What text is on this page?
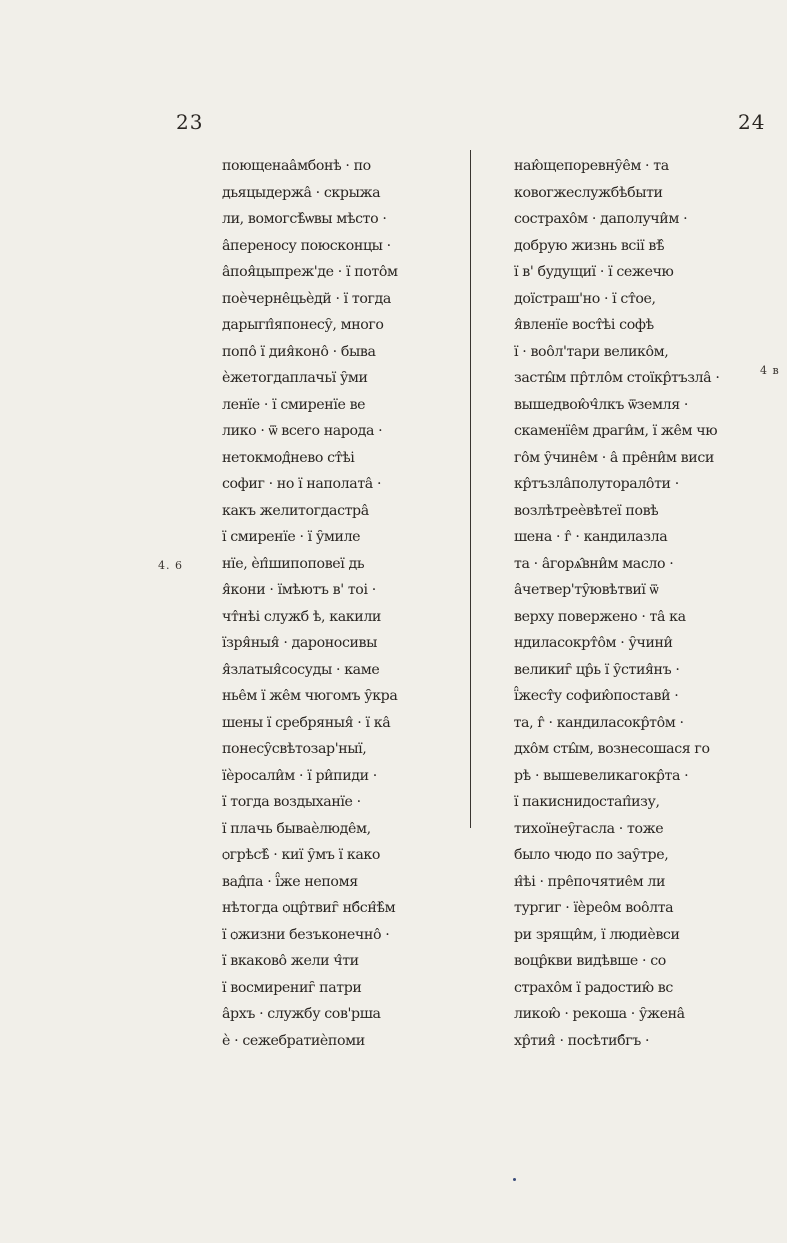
23	24
4. 6
4 в
поющенаа̂мбонѣ · по
дьяцыдержа̂ · скрыжа
ли, вомогсѣ̂ѡвы мѣсто ·
а̂переносу поюсконцы ·
а̂поя̂цыпреж'де · ї пото̂м
поѐчерне̂цьѐдй · ї тогда
дарыгп̂японесу̑, много
попо̂ ї дия̂коно̂ · бывa
ѐжетогдаплачьї у̑ми
ленїе · ї смиренїе ве
лико · ѿ всего народа ·
нетокмод̂нево ст̂ѣі
софиг · но ї наполата̂ ·
какъ желитогдастра̂
ї смиренїе · ї у̑миле
нїе, ѐп̂шипоповеї дь
я̂кони · їмѣютъ в' тоі ·
чт̂нѣі служб ѣ, какили
їзря̂ныя̂ · дароносивы
я̂златыя̂сосуды · каме
нье̂м ї же̂м чюгомъ у̑кра
шены ї сребряныя̂ · ї ка̂
понесу̑свѣтозар'ныї,
їѐросали̂м · ї ри̂пиди ·
ї тогда воздыханїе ·
ї плачь бываѐлюде̂м,
ѻгрѣсѣ̂ · киї у̑мъ ї како
вад̂па · ї̂же непомя
нѣтогда ѻцр̂твиг̑ нб̂сн̂ѣ̂м
ї ѻжизни безъконечно̂ ·
ї вкаково̂ жели ч̂ти
ї восмирениг̑ патри
а̂рхъ · службу сов'рша
ѐ · сежебратиѐпоми
наю̂щепоревну̑е̂м · та
ковогжеслужбѣбыти
сострахо̂м · даполучи̂м ·
добрую жизнь всії вѣ̂
ї в' будущиї · ї сежечю
доїстраш'но · ї ст̂ое,
я̂вленїе вост̂ѣі софѣ
ї · воо̂л'тари велико̂м,
засты̂м пр̂тло̂м стоїкр̂тъзла̂ ·
вышедвою̂ч̂лкъ ѿземля ·
скаменїе̂м драги̂м, ї же̂м чю
го̂м у̑чине̂м · а̂ пре̂ни̂м виси
кр̂тъзла̂полуторало̂ти ·
возлѣтреѐвѣтеї повѣ
шена · г̂ · кандилазла
та · а̂горѧ̂вни̂м масло ·
а̂четвер'ту̑ювѣтвиї ѿ
верху повержено · та̂ ка
ндиласокрт̂о̂м · у̑чини̂
великиг̑ цр̂ь ї у̑стия̂нъ ·
ї̂жест̂у софию̂постави̂ ·
̂та, г̂ · кандиласокр̂то̂м ·
дхо̂м сты̂м, вознесошася го
рѣ · вышевеликагокр̂та ·
ї пакиснидостап̂изу,
тихоїнеу̑гасла · тоже
было чюдо по зау̑тре,
н̂ѣі · пре̂почятие̂м ли
тургиг · їѐрео̂м воо̂лта
ри зрящи̂м, ї людиѐвси
воцр̂кви видѣвше · со
страхо̂м ї радостию̂ вс
ликою̂ · рекоша · у̑жена̂
хр̂тия̂ · посѣтиб̂гъ ·
